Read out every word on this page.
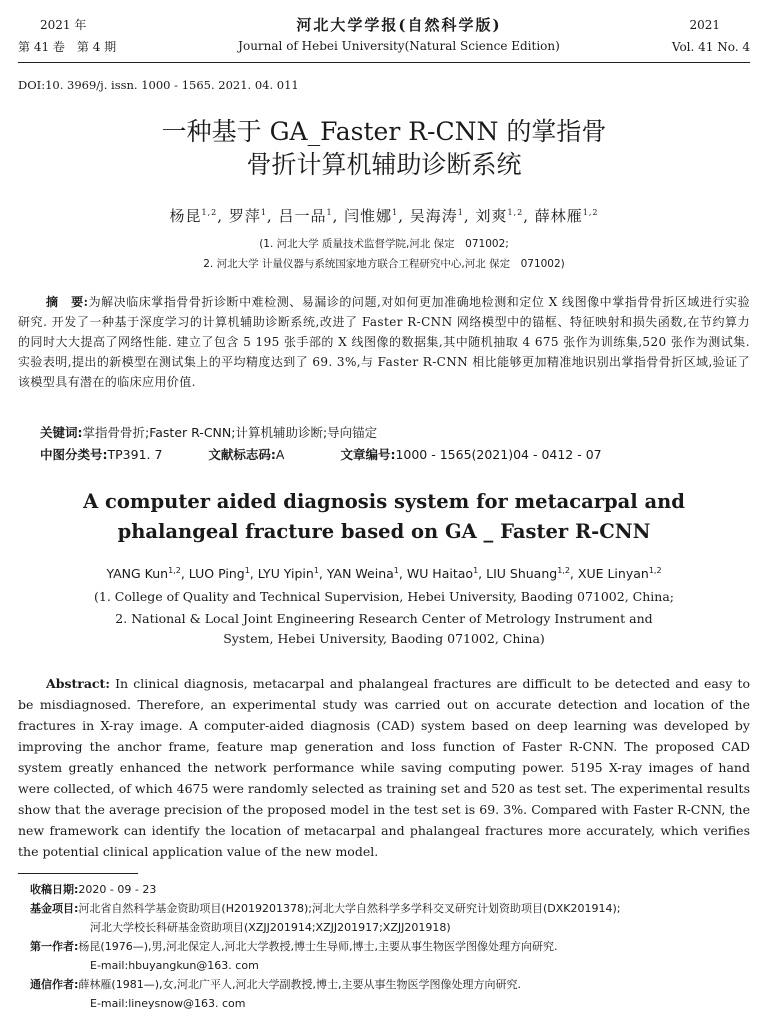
2021 年
第 41 卷　第 4 期
河北大学学报(自然科学版)
Journal of Hebei University(Natural Science Edition)
2021
Vol. 41 No. 4
DOI:10. 3969/j. issn. 1000 - 1565. 2021. 04. 011
一种基于 GA_Faster R-CNN 的掌指骨
骨折计算机辅助诊断系统
杨昆$^{1,2}$, 罗萍$^1$, 吕一品$^1$, 闫惟娜$^1$, 吴海涛$^1$, 刘爽$^{1,2}$, 薛林雁$^{1,2}$
(1. 河北大学 质量技术监督学院,河北 保定　071002;
2. 河北大学 计量仪器与系统国家地方联合工程研究中心,河北 保定　071002)
摘　要:为解决临床掌指骨骨折诊断中难检测、易漏诊的问题,对如何更加准确地检测和定位 X 线图像中掌指骨骨折区域进行实验研究. 开发了一种基于深度学习的计算机辅助诊断系统,改进了 Faster R-CNN 网络模型中的锚框、特征映射和损失函数,在节约算力的同时大大提高了网络性能. 建立了包含 5 195 张手部的 X 线图像的数据集,其中随机抽取 4 675 张作为训练集,520 张作为测试集. 实验表明,提出的新模型在测试集上的平均精度达到了 69. 3%,与 Faster R-CNN 相比能够更加精准地识别出掌指骨骨折区域,验证了该模型具有潜在的临床应用价值.
关键词:掌指骨骨折;Faster R-CNN;计算机辅助诊断;导向锚定
中图分类号:TP391. 7	文献标志码:A	文章编号:1000 - 1565(2021)04 - 0412 - 07
A computer aided diagnosis system for metacarpal and
phalangeal fracture based on GA _ Faster R-CNN
YANG Kun$^{1,2}$, LUO Ping$^1$, LYU Yipin$^1$, YAN Weina$^1$, WU Haitao$^1$, LIU Shuang$^{1,2}$, XUE Linyan$^{1,2}$
(1. College of Quality and Technical Supervision, Hebei University, Baoding 071002, China;
2. National & Local Joint Engineering Research Center of Metrology Instrument and
System, Hebei University, Baoding 071002, China)
Abstract: In clinical diagnosis, metacarpal and phalangeal fractures are difficult to be detected and easy to be misdiagnosed. Therefore, an experimental study was carried out on accurate detection and location of the fractures in X-ray image. A computer-aided diagnosis (CAD) system based on deep learning was developed by improving the anchor frame, feature map generation and loss function of Faster R-CNN. The proposed CAD system greatly enhanced the network performance while saving computing power. 5195 X-ray images of hand were collected, of which 4675 were randomly selected as training set and 520 as test set. The experimental results show that the average precision of the proposed model in the test set is 69. 3%. Compared with Faster R-CNN, the new framework can identify the location of metacarpal and phalangeal fractures more accurately, which verifies the potential clinical application value of the new model.
收稿日期:2020 - 09 - 23
基金项目:河北省自然科学基金资助项目(H2019201378);河北大学自然科学多学科交叉研究计划资助项目(DXK201914);
河北大学校长科研基金资助项目(XZJJ201914;XZJJ201917;XZJJ201918)
第一作者:杨昆(1976—),男,河北保定人,河北大学教授,博士生导师,博士,主要从事生物医学图像处理方向研究.
E-mail:hbuyangkun@163. com
通信作者:薛林雁(1981—),女,河北广平人,河北大学副教授,博士,主要从事生物医学图像处理方向研究.
E-mail:lineysnow@163. com
